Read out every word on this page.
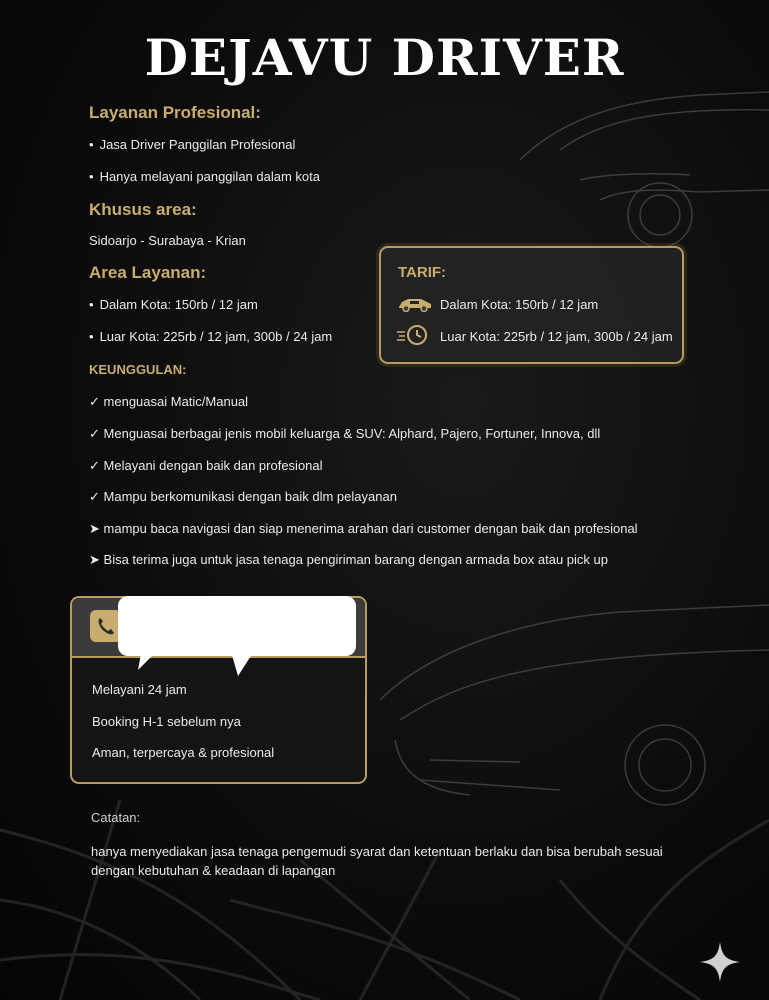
DEJAVU DRIVER
Layanan Profesional:
• Jasa Driver Panggilan Profesional
• Hanya melayani panggilan dalam kota
Khusus area:
Sidoarjo - Surabaya - Krian
Area Layanan:
• Dalam Kota: 150rb / 12 jam
• Luar Kota: 225rb / 12 jam, 300b / 24 jam
TARIF:
Dalam Kota: 150rb / 12 jam
Luar Kota: 225rb / 12 jam, 300b / 24 jam
KEUNGGULAN:
✓ menguasai Matic/Manual
✓ Menguasai berbagai jenis mobil keluarga & SUV: Alphard, Pajero, Fortuner, Innova, dll
✓ Melayani dengan baik dan profesional
✓ Mampu berkomunikasi dengan baik dlm pelayanan
➤ mampu baca navigasi dan siap menerima arahan dari customer dengan baik dan profesional
➤ Bisa terima juga untuk jasa tenaga pengiriman barang dengan armada box atau pick up
Melayani 24 jam
Booking H-1 sebelum nya
Aman, terpercaya & profesional
Catatan:
hanya menyediakan jasa tenaga pengemudi syarat dan ketentuan berlaku dan bisa berubah sesuai dengan kebutuhan & keadaan di lapangan
